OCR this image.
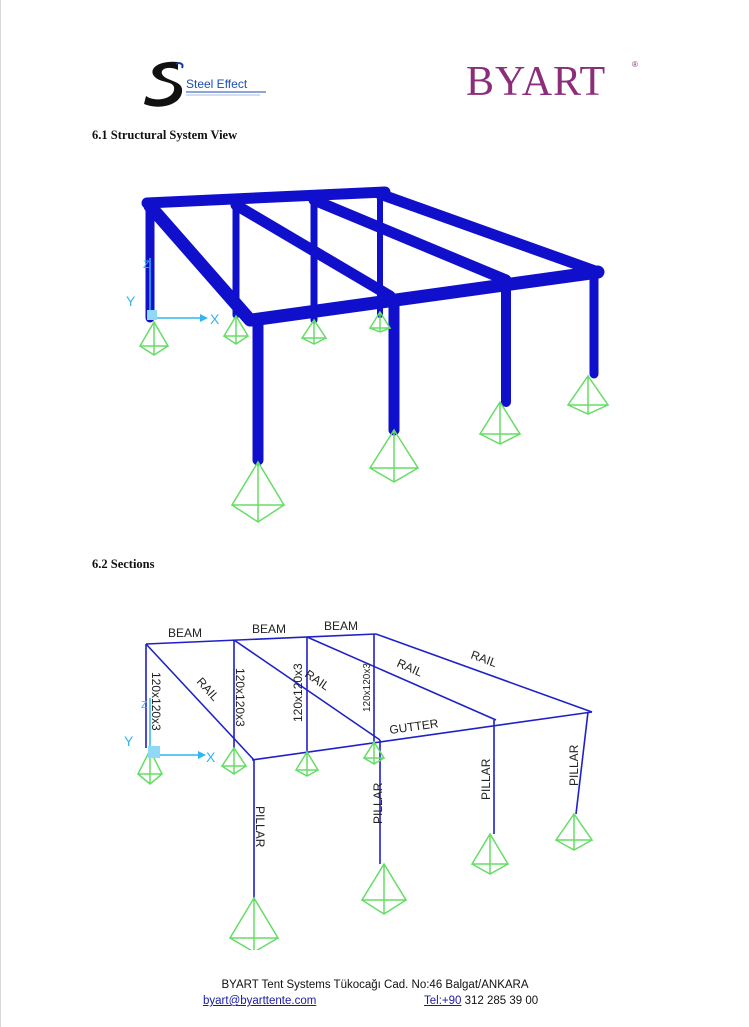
Steel Effect	BYART	®
6.1 Structural System View
X
Y
Z
6.2 Sections
X
Y
Z
BEAM	BEAM	BEAM
RAIL	RAIL	RAIL	RAIL
GUTTER
120x120x3	120x120x3	120x120x3	120x120x3
PILLAR
PILLAR
PILLAR	PILLAR
BYART Tent Systems Tükocağı Cad. No:46 Balgat/ANKARA
byart@byarttente.com	Tel:+90 312 285 39 00
